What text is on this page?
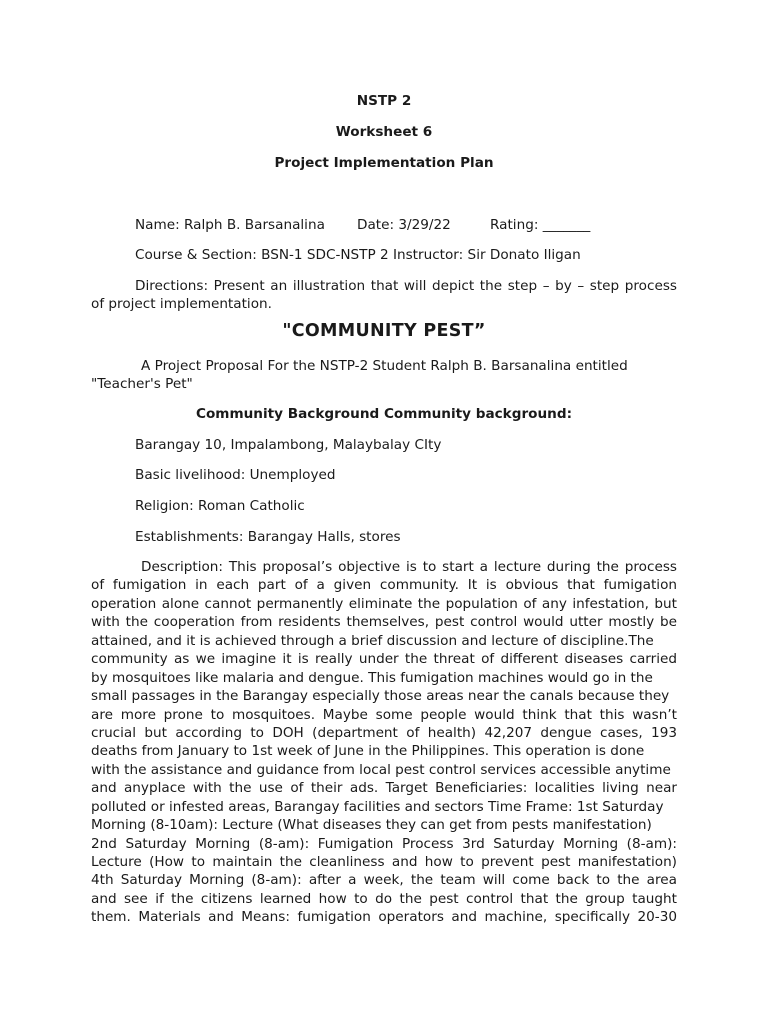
NSTP 2
Worksheet 6
Project Implementation Plan
Name: Ralph B. Barsanalina Date: 3/29/22	Rating: _______
Course & Section: BSN-1 SDC-NSTP 2 Instructor: Sir Donato Iligan
Directions: Present an illustration that will depict the step – by – step process
of project implementation.
"COMMUNITY PEST”
A Project Proposal For the NSTP-2 Student Ralph B. Barsanalina entitled
"Teacher's Pet"
Community Background Community background:
Barangay 10, Impalambong, Malaybalay CIty
Basic livelihood: Unemployed
Religion: Roman Catholic
Establishments: Barangay Halls, stores
Description: This proposal’s objective is to start a lecture during the process
of fumigation in each part of a given community. It is obvious that fumigation
operation alone cannot permanently eliminate the population of any infestation, but
with the cooperation from residents themselves, pest control would utter mostly be
attained, and it is achieved through a brief discussion and lecture of discipline.The
community as we imagine it is really under the threat of different diseases carried
by mosquitoes like malaria and dengue. This fumigation machines would go in the
small passages in the Barangay especially those areas near the canals because they
are more prone to mosquitoes. Maybe some people would think that this wasn’t
crucial but according to DOH (department of health) 42,207 dengue cases, 193
deaths from January to 1st week of June in the Philippines. This operation is done
with the assistance and guidance from local pest control services accessible anytime
and anyplace with the use of their ads. Target Beneficiaries: localities living near
polluted or infested areas, Barangay facilities and sectors Time Frame: 1st Saturday
Morning (8-10am): Lecture (What diseases they can get from pests manifestation)
2nd Saturday Morning (8-am): Fumigation Process 3rd Saturday Morning (8-am):
Lecture (How to maintain the cleanliness and how to prevent pest manifestation)
4th Saturday Morning (8-am): after a week, the team will come back to the area
and see if the citizens learned how to do the pest control that the group taught
them. Materials and Means: fumigation operators and machine, specifically 20-30
